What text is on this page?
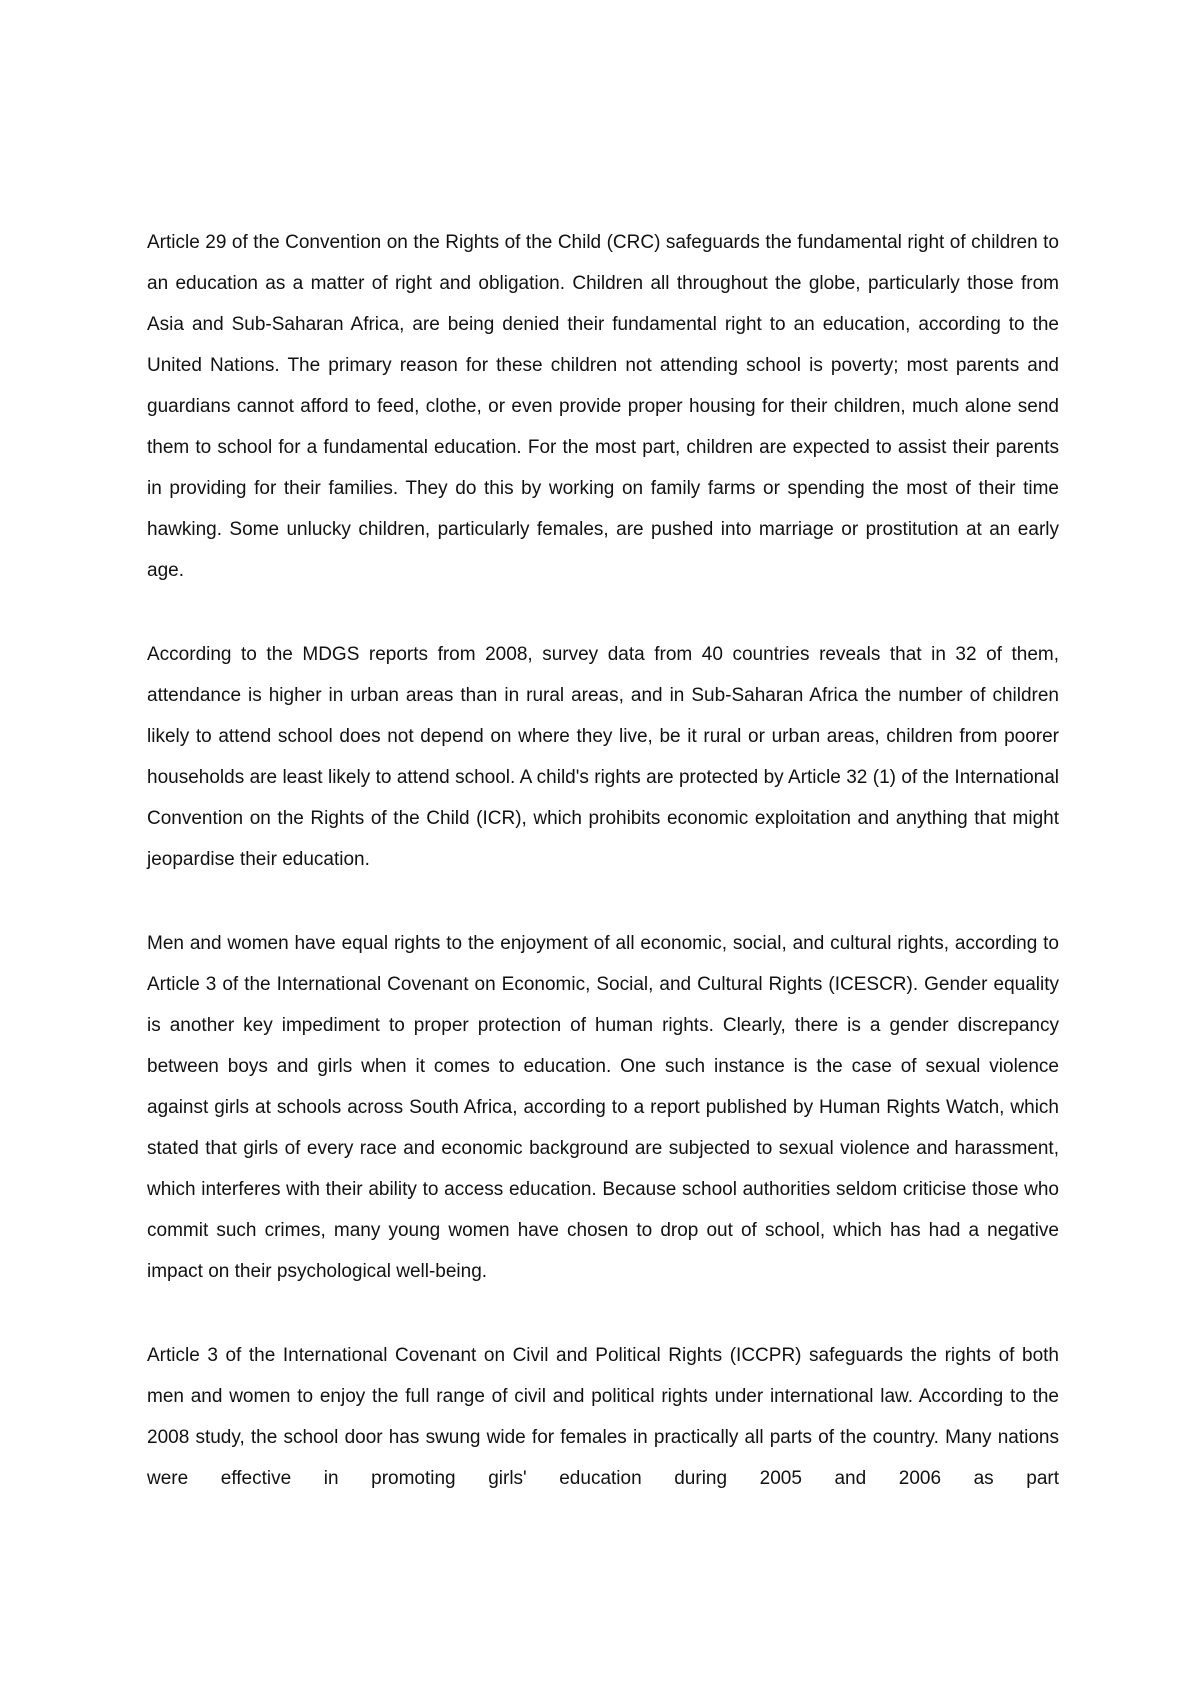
Article 29 of the Convention on the Rights of the Child (CRC) safeguards the fundamental right of children to an education as a matter of right and obligation. Children all throughout the globe, particularly those from Asia and Sub-Saharan Africa, are being denied their fundamental right to an education, according to the United Nations. The primary reason for these children not attending school is poverty; most parents and guardians cannot afford to feed, clothe, or even provide proper housing for their children, much alone send them to school for a fundamental education. For the most part, children are expected to assist their parents in providing for their families. They do this by working on family farms or spending the most of their time hawking. Some unlucky children, particularly females, are pushed into marriage or prostitution at an early age.

According to the MDGS reports from 2008, survey data from 40 countries reveals that in 32 of them, attendance is higher in urban areas than in rural areas, and in Sub-Saharan Africa the number of children likely to attend school does not depend on where they live, be it rural or urban areas, children from poorer households are least likely to attend school. A child's rights are protected by Article 32 (1) of the International Convention on the Rights of the Child (ICR), which prohibits economic exploitation and anything that might jeopardise their education.

Men and women have equal rights to the enjoyment of all economic, social, and cultural rights, according to Article 3 of the International Covenant on Economic, Social, and Cultural Rights (ICESCR). Gender equality is another key impediment to proper protection of human rights. Clearly, there is a gender discrepancy between boys and girls when it comes to education. One such instance is the case of sexual violence against girls at schools across South Africa, according to a report published by Human Rights Watch, which stated that girls of every race and economic background are subjected to sexual violence and harassment, which interferes with their ability to access education. Because school authorities seldom criticise those who commit such crimes, many young women have chosen to drop out of school, which has had a negative impact on their psychological well-being.

Article 3 of the International Covenant on Civil and Political Rights (ICCPR) safeguards the rights of both men and women to enjoy the full range of civil and political rights under international law. According to the 2008 study, the school door has swung wide for females in practically all parts of the country. Many nations were effective in promoting girls' education during 2005 and 2006 as part
